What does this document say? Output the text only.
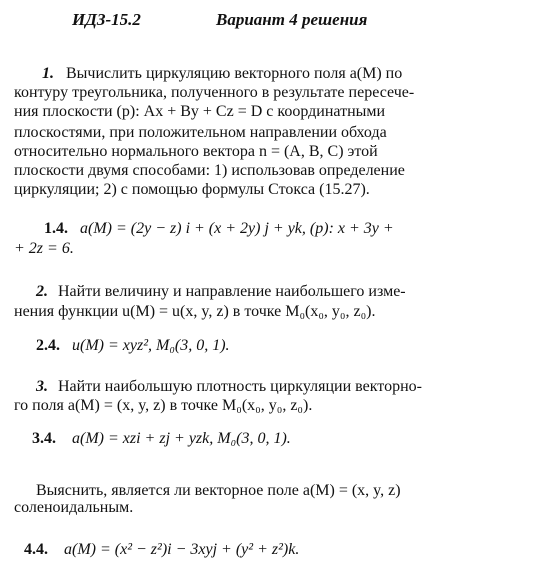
ИДЗ-15.2	Вариант 4 решения
1. Вычислить циркуляцию векторного поля a(M) по
контуру треугольника, полученного в результате пересече-
ния плоскости (p): Ax + By + Cz = D с координатными
плоскостями, при положительном направлении обхода
относительно нормального вектора n = (A, B, C) этой
плоскости двумя способами: 1) использовав определение
циркуляции; 2) с помощью формулы Стокса (15.27).
1.4. a(M) = (2y − z) i + (x + 2y) j + yk, (p): x + 3y +
+ 2z = 6.
2. Найти величину и направление наибольшего изме-
нения функции u(M) = u(x, y, z) в точке M₀(x₀, y₀, z₀).
2.4. u(M) = xyz², M₀(3, 0, 1).
3. Найти наибольшую плотность циркуляции векторно-
го поля a(M) = (x, y, z) в точке M₀(x₀, y₀, z₀).
3.4. a(M) = xzi + zj + yzk, M₀(3, 0, 1).
Выяснить, является ли векторное поле a(M) = (x, y, z)
соленоидальным.
4.4. a(M) = (x² − z²)i − 3xyj + (y² + z²)k.
